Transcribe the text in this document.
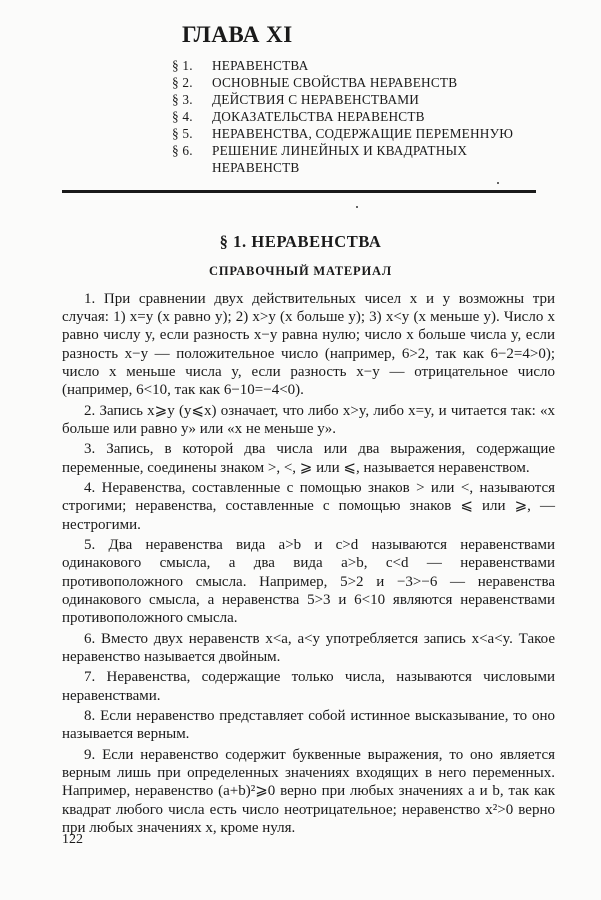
ГЛАВА XI
§ 1.	НЕРАВЕНСТВА
§ 2.	ОСНОВНЫЕ СВОЙСТВА НЕРАВЕНСТВ
§ 3.	ДЕЙСТВИЯ С НЕРАВЕНСТВАМИ
§ 4.	ДОКАЗАТЕЛЬСТВА НЕРАВЕНСТВ
§ 5.	НЕРАВЕНСТВА, СОДЕРЖАЩИЕ ПЕРЕМЕННУЮ
§ 6.	РЕШЕНИЕ ЛИНЕЙНЫХ И КВАДРАТНЫХ НЕРАВЕНСТВ
§ 1. НЕРАВЕНСТВА
СПРАВОЧНЫЙ МАТЕРИАЛ

1. При сравнении двух действительных чисел x и y возможны три случая: 1) x=y (x равно y); 2) x>y (x больше y); 3) x<y (x меньше y). Число x равно числу y, если разность x−y равна нулю; число x больше числа y, если разность x−y — положительное число (например, 6>2, так как 6−2=4>0); число x меньше числа y, если разность x−y — отрицательное число (например, 6<10, так как 6−10=−4<0).

2. Запись x⩾y (y⩽x) означает, что либо x>y, либо x=y, и читается так: «x больше или равно y» или «x не меньше y».

3. Запись, в которой два числа или два выражения, содержащие переменные, соединены знаком >, <, ⩾ или ⩽, называется неравенством.

4. Неравенства, составленные с помощью знаков > или <, называются строгими; неравенства, составленные с помощью знаков ⩽ или ⩾, — нестрогими.

5. Два неравенства вида a>b и c>d называются неравенствами одинакового смысла, а два вида a>b, c<d — неравенствами противоположного смысла. Например, 5>2 и −3>−6 — неравенства одинакового смысла, а неравенства 5>3 и 6<10 являются неравенствами противоположного смысла.

6. Вместо двух неравенств x<a, a<y употребляется запись x<a<y. Такое неравенство называется двойным.

7. Неравенства, содержащие только числа, называются числовыми неравенствами.

8. Если неравенство представляет собой истинное высказывание, то оно называется верным.

9. Если неравенство содержит буквенные выражения, то оно является верным лишь при определенных значениях входящих в него переменных. Например, неравенство (a+b)²⩾0 верно при любых значениях a и b, так как квадрат любого числа есть число неотрицательное; неравенство x²>0 верно при любых значениях x, кроме нуля.

122
